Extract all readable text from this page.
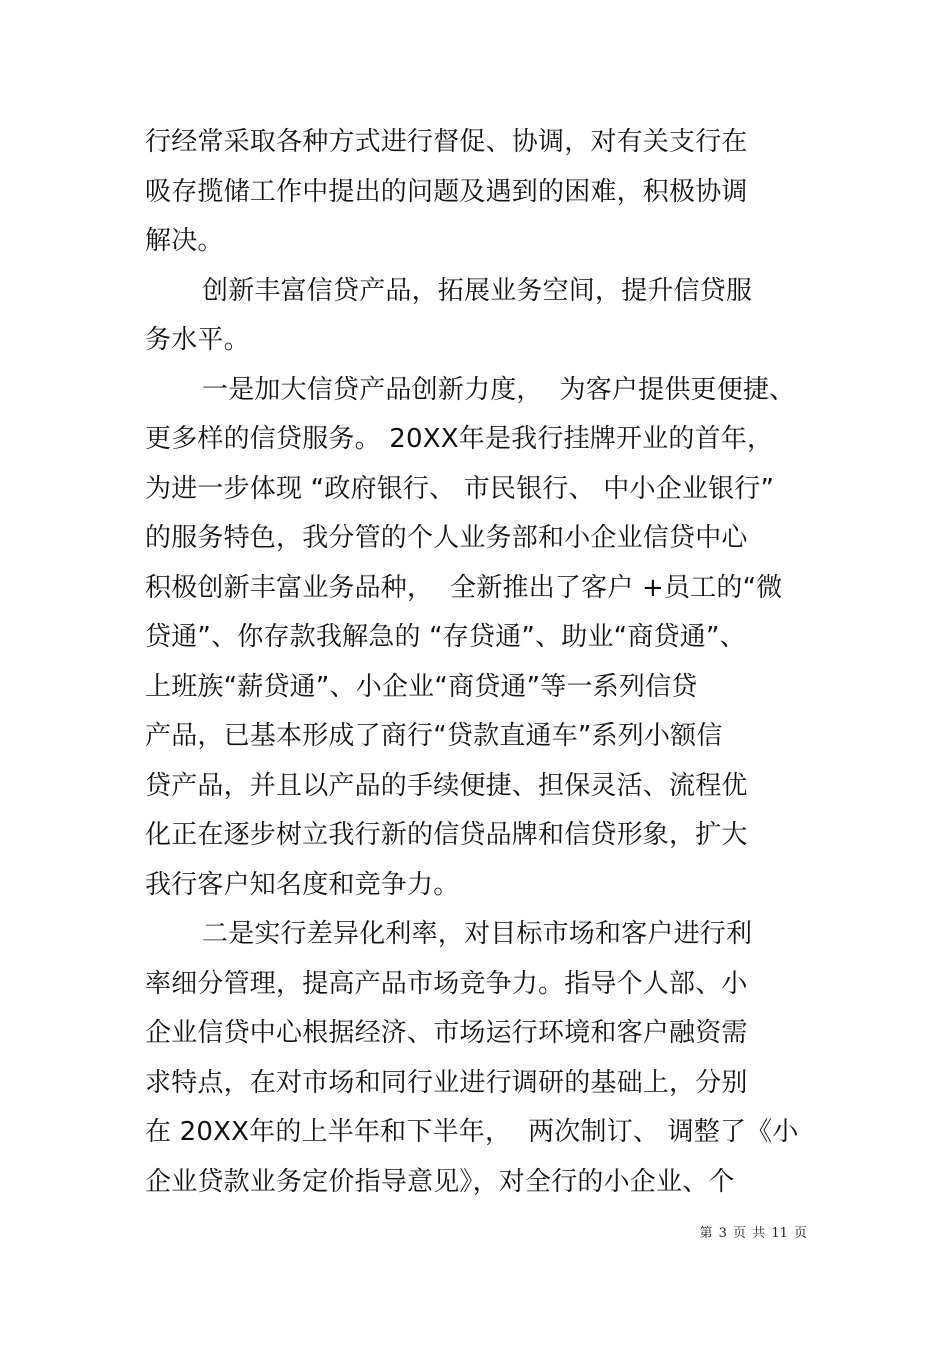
行经常采取各种方式进行督促、协调，对有关支行在
吸存揽储工作中提出的问题及遇到的困难，积极协调
解决。
创新丰富信贷产品，拓展业务空间，提升信贷服
务水平。
一是加大信贷产品创新力度，  为客户提供更便捷、
更多样的信贷服务。 20XX年是我行挂牌开业的首年，
为进一步体现 “政府银行、 市民银行、 中小企业银行”
的服务特色，我分管的个人业务部和小企业信贷中心
积极创新丰富业务品种，  全新推出了客户 +员工的“微
贷通”、你存款我解急的 “存贷通”、助业“商贷通”、
上班族“薪贷通”、小企业“商贷通”等一系列信贷
产品，已基本形成了商行“贷款直通车”系列小额信
贷产品，并且以产品的手续便捷、担保灵活、流程优
化正在逐步树立我行新的信贷品牌和信贷形象，扩大
我行客户知名度和竞争力。
二是实行差异化利率，对目标市场和客户进行利
率细分管理，提高产品市场竞争力。指导个人部、小
企业信贷中心根据经济、市场运行环境和客户融资需
求特点，在对市场和同行业进行调研的基础上，分别
在 20XX年的上半年和下半年，  两次制订、 调整了《小
企业贷款业务定价指导意见》，对全行的小企业、个
第 3 页 共 11 页
